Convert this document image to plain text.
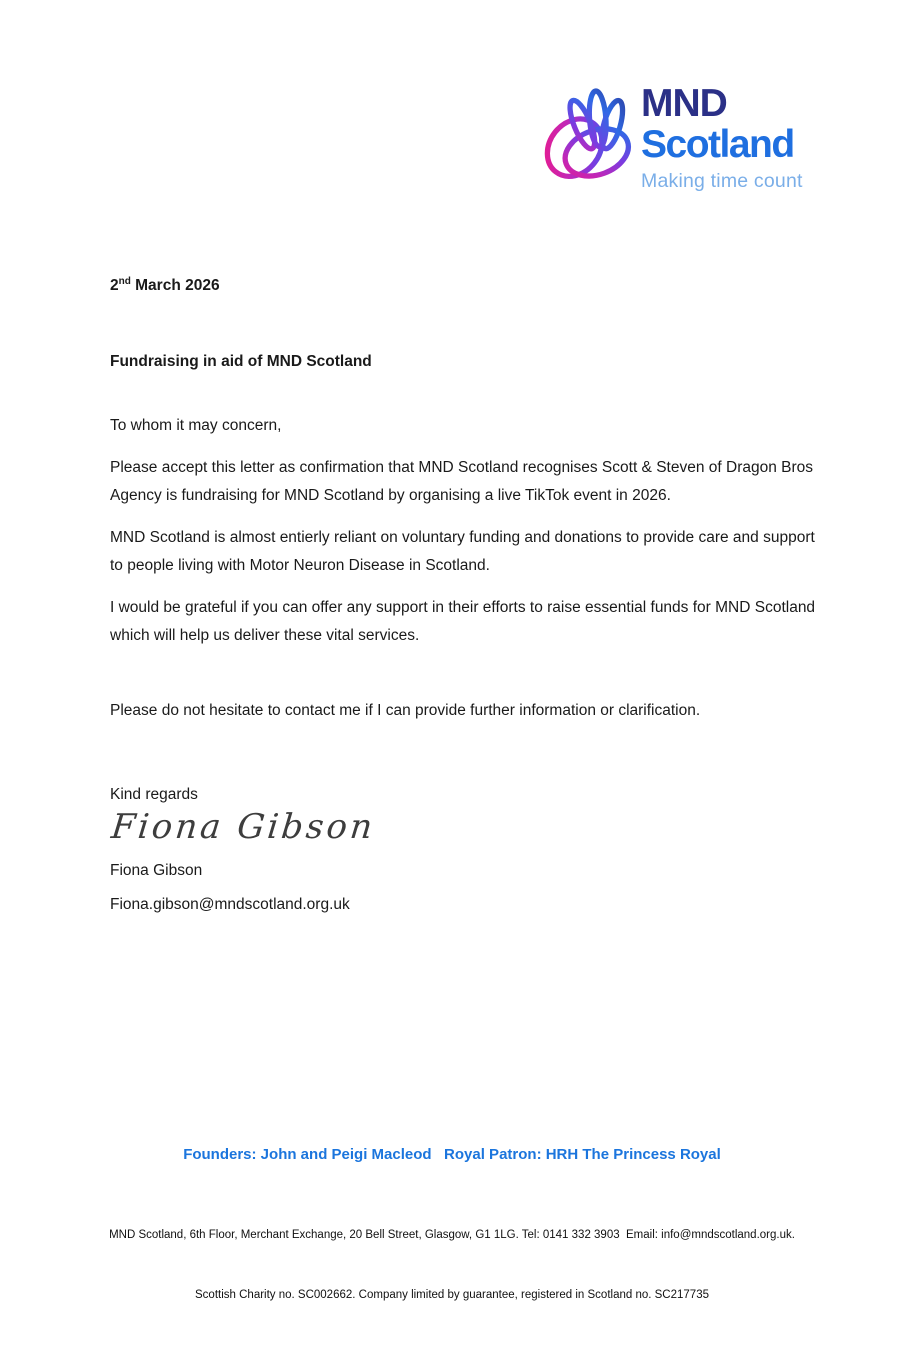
MND
Scotland
Making time count

2nd March 2026

Fundraising in aid of MND Scotland

To whom it may concern,

Please accept this letter as confirmation that MND Scotland recognises Scott & Steven of Dragon Bros Agency is fundraising for MND Scotland by organising a live TikTok event in 2026.

MND Scotland is almost entierly reliant on voluntary funding and donations to provide care and support to people living with Motor Neuron Disease in Scotland.

I would be grateful if you can offer any support in their efforts to raise essential funds for MND Scotland which will help us deliver these vital services.

Please do not hesitate to contact me if I can provide further information or clarification.

Kind regards

Fiona Gibson

Fiona Gibson

Fiona.gibson@mndscotland.org.uk

Founders: John and Peigi Macleod   Royal Patron: HRH The Princess Royal

MND Scotland, 6th Floor, Merchant Exchange, 20 Bell Street, Glasgow, G1 1LG. Tel: 0141 332 3903  Email: info@mndscotland.org.uk.

Scottish Charity no. SC002662. Company limited by guarantee, registered in Scotland no. SC217735
